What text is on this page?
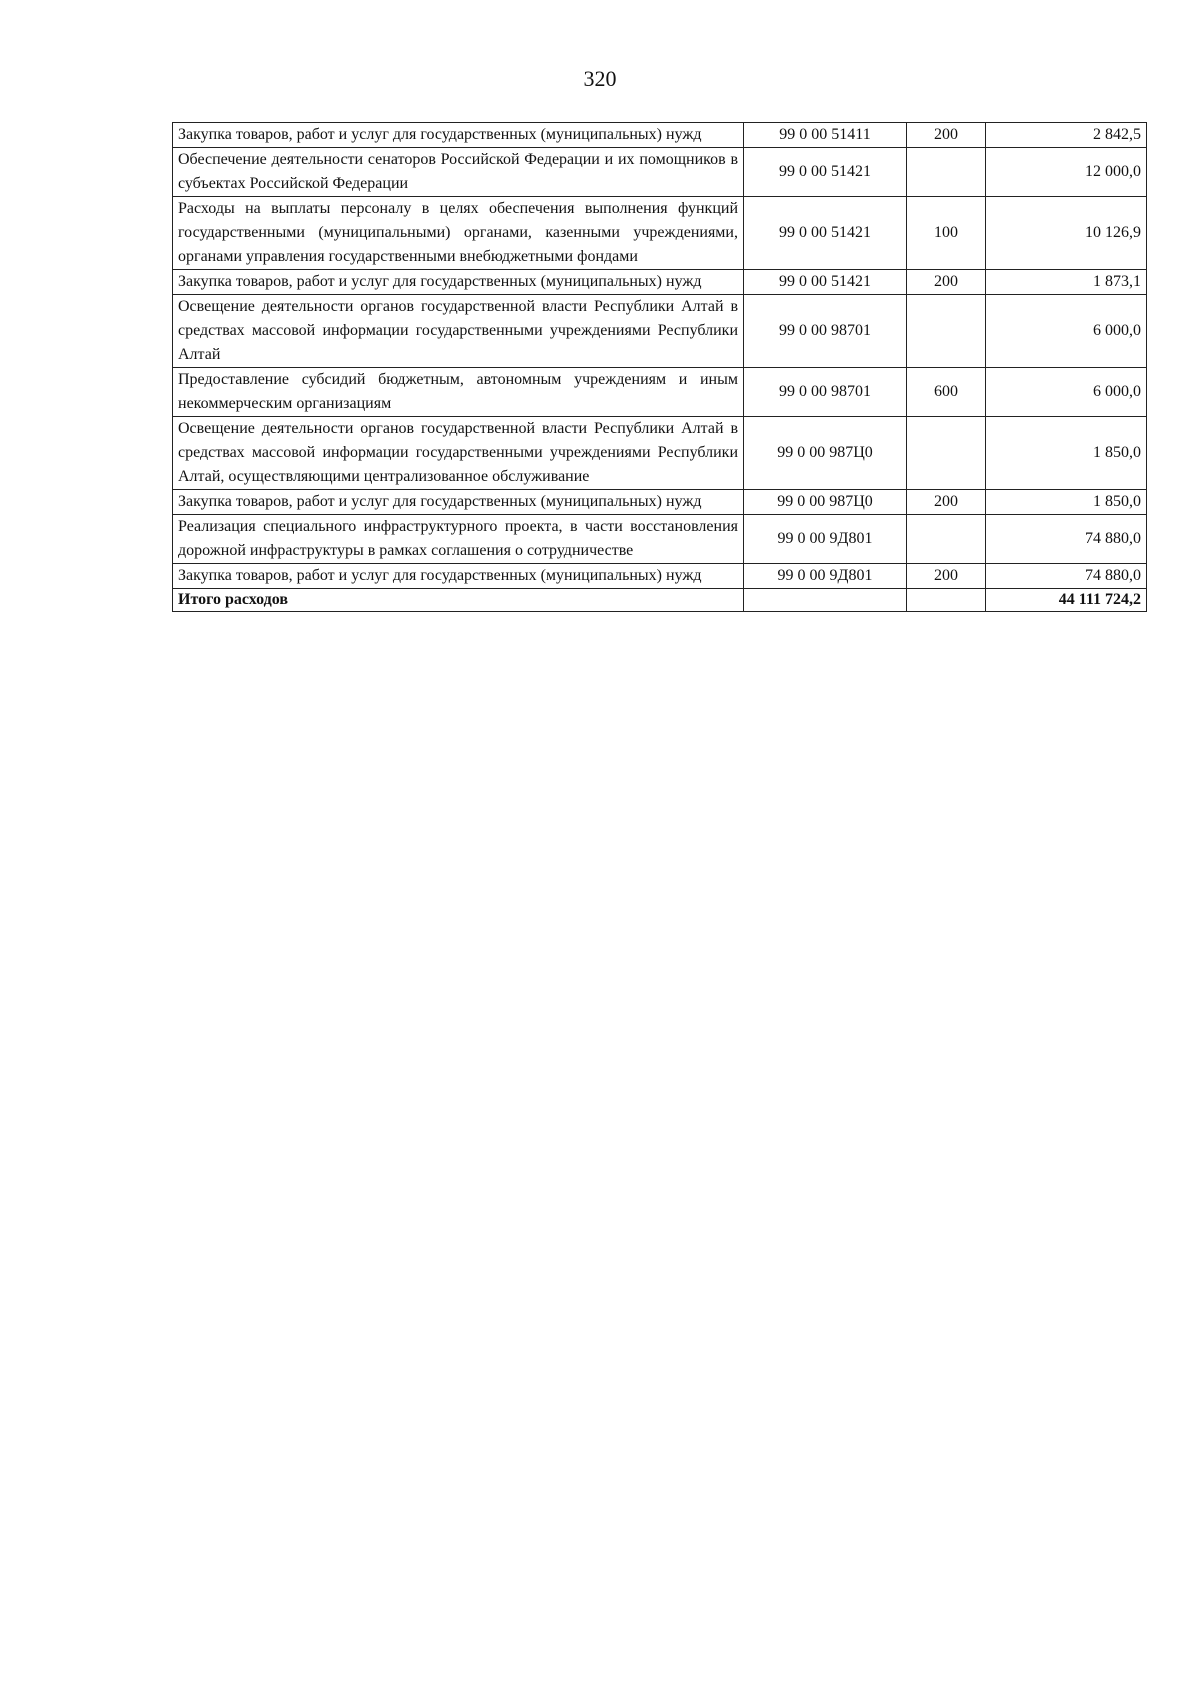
320
Закупка товаров, работ и услуг для государственных (муниципальных) нужд	99 0 00 51411	200	2 842,5
Обеспечение деятельности сенаторов Российской Федерации и их помощников в субъектах Российской Федерации	99 0 00 51421		12 000,0
Расходы на выплаты персоналу в целях обеспечения выполнения функций государственными (муниципальными) органами, казенными учреждениями, органами управления государственными внебюджетными фондами	99 0 00 51421	100	10 126,9
Закупка товаров, работ и услуг для государственных (муниципальных) нужд	99 0 00 51421	200	1 873,1
Освещение деятельности органов государственной власти Республики Алтай в средствах массовой информации государственными учреждениями Республики Алтай	99 0 00 98701		6 000,0
Предоставление субсидий бюджетным, автономным учреждениям и иным некоммерческим организациям	99 0 00 98701	600	6 000,0
Освещение деятельности органов государственной власти Республики Алтай в средствах массовой информации государственными учреждениями Республики Алтай, осуществляющими централизованное обслуживание	99 0 00 987Ц0		1 850,0
Закупка товаров, работ и услуг для государственных (муниципальных) нужд	99 0 00 987Ц0	200	1 850,0
Реализация специального инфраструктурного проекта, в части восстановления дорожной инфраструктуры в рамках соглашения о сотрудничестве	99 0 00 9Д801		74 880,0
Закупка товаров, работ и услуг для государственных (муниципальных) нужд	99 0 00 9Д801	200	74 880,0
Итого расходов			44 111 724,2
